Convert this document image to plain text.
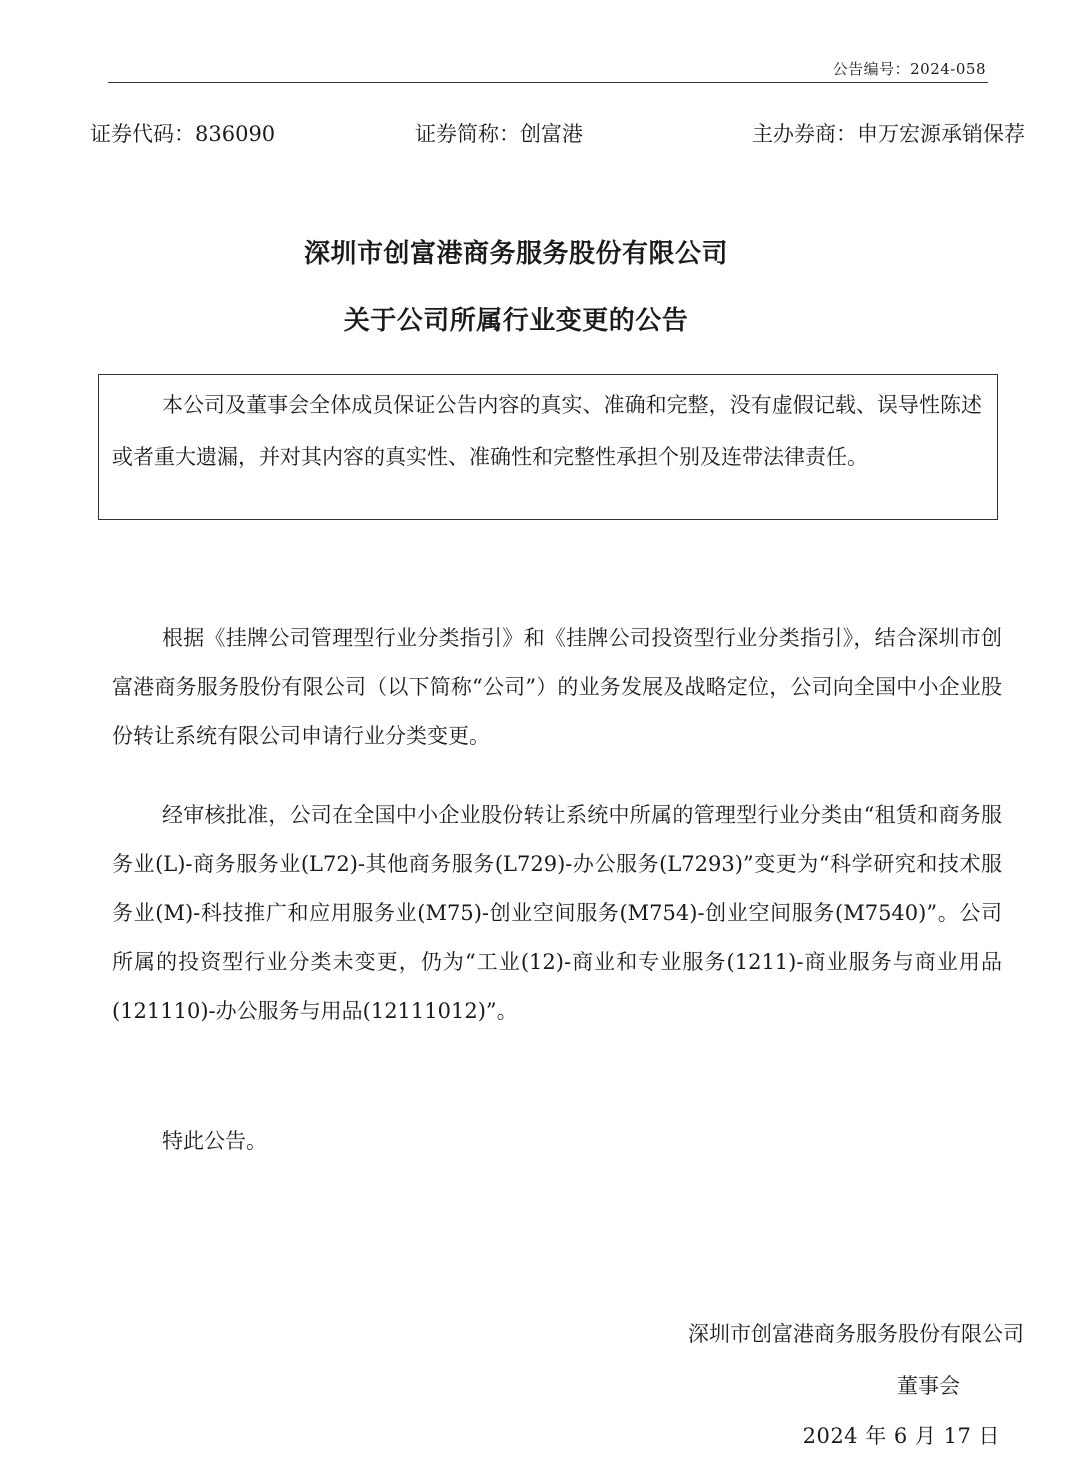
公告编号：2024-058
证券代码：836090	证券简称：创富港	主办券商：申万宏源承销保荐
深圳市创富港商务服务股份有限公司
关于公司所属行业变更的公告
本公司及董事会全体成员保证公告内容的真实、准确和完整，没有虚假记载、误导性陈述或者重大遗漏，并对其内容的真实性、准确性和完整性承担个别及连带法律责任。
根据《挂牌公司管理型行业分类指引》和《挂牌公司投资型行业分类指引》，结合深圳市创富港商务服务股份有限公司（以下简称“公司”）的业务发展及战略定位，公司向全国中小企业股份转让系统有限公司申请行业分类变更。
经审核批准，公司在全国中小企业股份转让系统中所属的管理型行业分类由“租赁和商务服务业(L)-商务服务业(L72)-其他商务服务(L729)-办公服务(L7293)”变更为“科学研究和技术服务业(M)-科技推广和应用服务业(M75)-创业空间服务(M754)-创业空间服务(M7540)”。公司所属的投资型行业分类未变更，仍为“工业(12)-商业和专业服务(1211)-商业服务与商业用品(121110)-办公服务与用品(12111012)”。
特此公告。
深圳市创富港商务服务股份有限公司
董事会
2024 年 6 月 17 日
